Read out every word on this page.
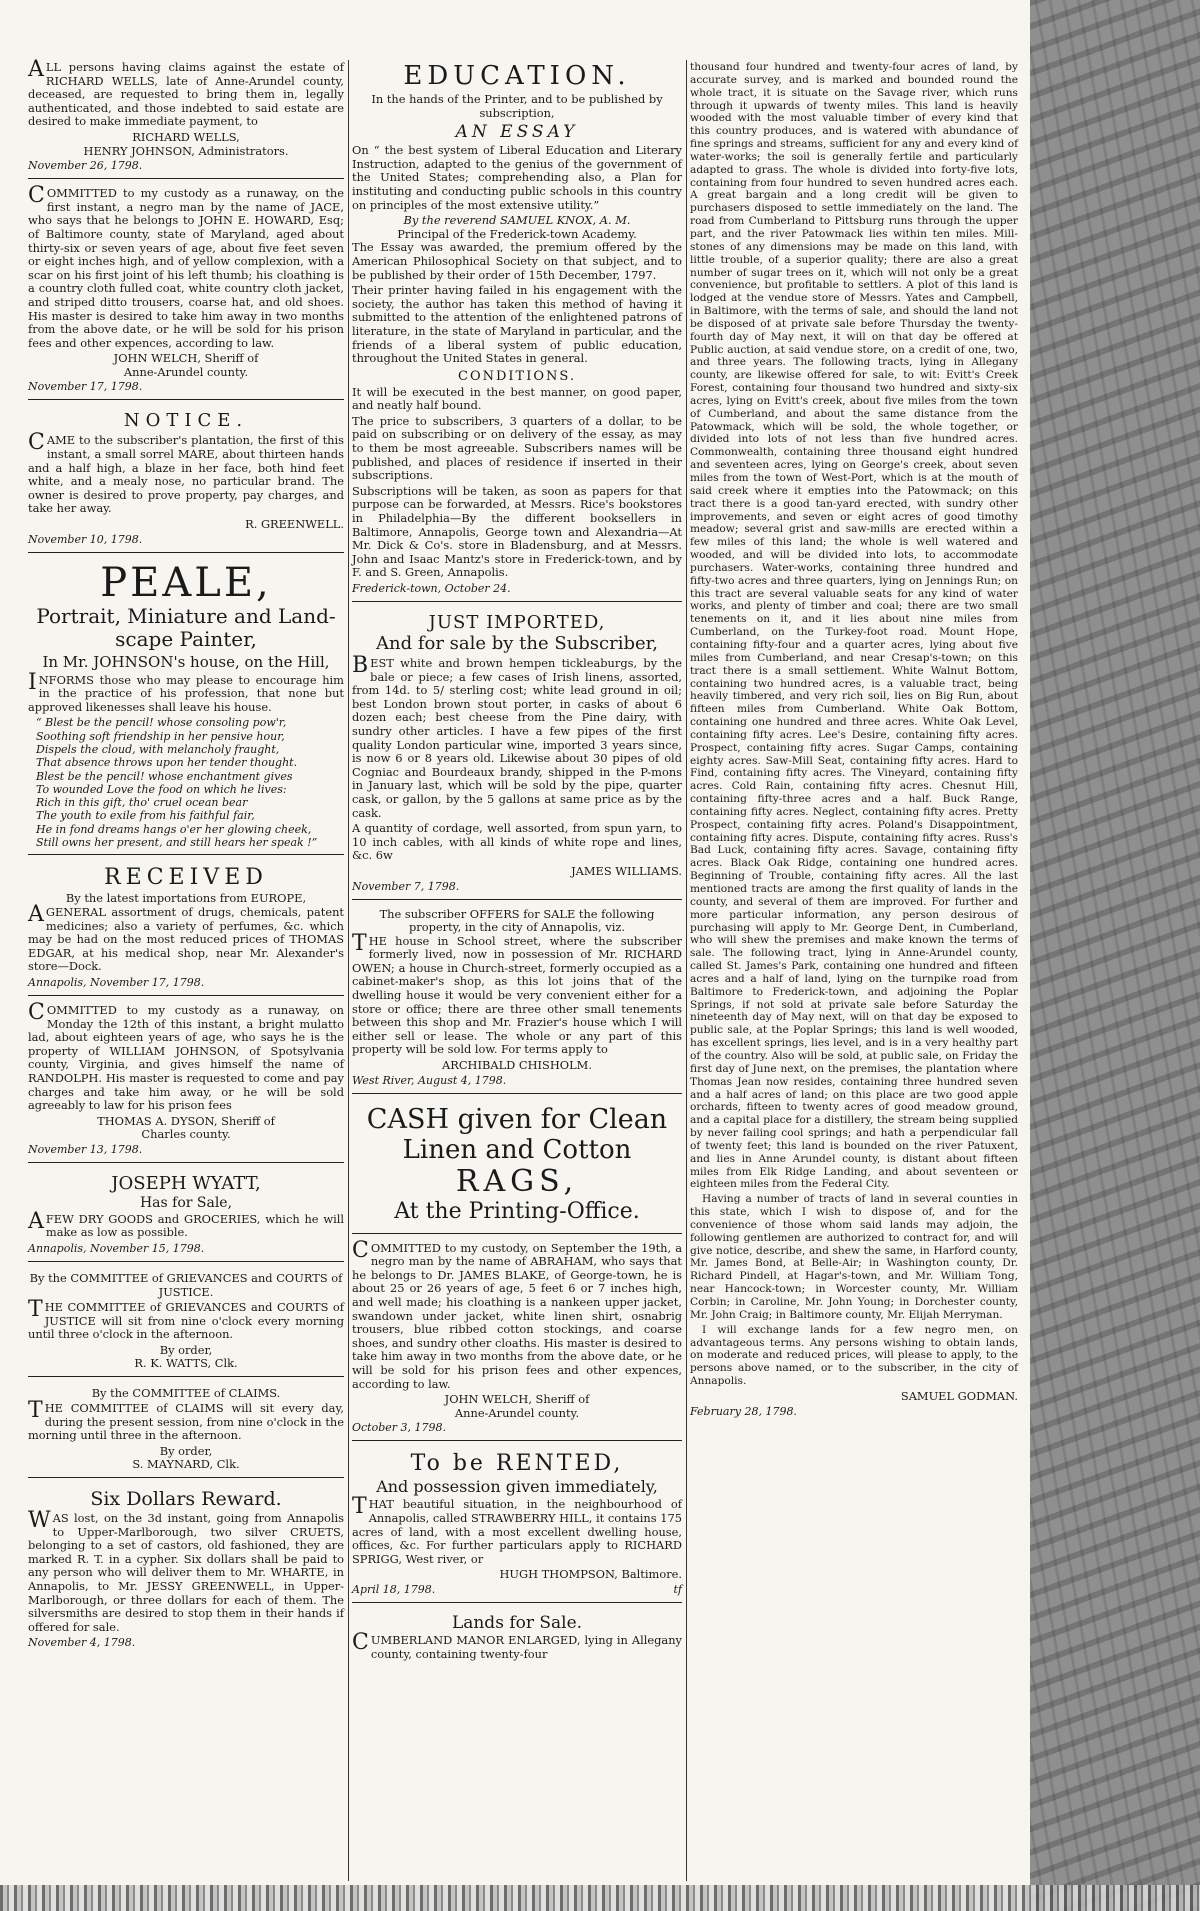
ALL persons having claims against the estate of RICHARD WELLS, late of Anne-Arundel county, deceased, are requested to bring them in, legally authenticated, and those indebted to said estate are desired to make immediate payment, to

RICHARD WELLS,

HENRY JOHNSON, Administrators.

November 26, 1798.

COMMITTED to my custody as a runaway, on the first instant, a negro man by the name of JACE, who says that he belongs to JOHN E. HOWARD, Esq; of Baltimore county, state of Maryland, aged about thirty-six or seven years of age, about five feet seven or eight inches high, and of yellow complexion, with a scar on his first joint of his left thumb; his cloathing is a country cloth fulled coat, white country cloth jacket, and striped ditto trousers, coarse hat, and old shoes. His master is desired to take him away in two months from the above date, or he will be sold for his prison fees and other expences, according to law.

JOHN WELCH, Sheriff of

Anne-Arundel county.

November 17, 1798.

NOTICE.

CAME to the subscriber's plantation, the first of this instant, a small sorrel MARE, about thirteen hands and a half high, a blaze in her face, both hind feet white, and a mealy nose, no particular brand. The owner is desired to prove property, pay charges, and take her away.

R. GREENWELL.

November 10, 1798.

PEALE,
Portrait, Miniature and Land-
scape Painter,
In Mr. JOHNSON's house, on the Hill,

INFORMS those who may please to encourage him in the practice of his profession, that none but approved likenesses shall leave his house.

“ Blest be the pencil! whose consoling pow'r,

Soothing soft friendship in her pensive hour,

Dispels the cloud, with melancholy fraught,

That absence throws upon her tender thought.

Blest be the pencil! whose enchantment gives

To wounded Love the food on which he lives:

Rich in this gift, tho' cruel ocean bear

The youth to exile from his faithful fair,

He in fond dreams hangs o'er her glowing cheek,

Still owns her present, and still hears her speak !”

RECEIVED
By the latest importations from EUROPE,

AGENERAL assortment of drugs, chemicals, patent medicines; also a variety of perfumes, &c. which may be had on the most reduced prices of THOMAS EDGAR, at his medical shop, near Mr. Alexander's store—Dock.

Annapolis, November 17, 1798.

COMMITTED to my custody as a runaway, on Monday the 12th of this instant, a bright mulatto lad, about eighteen years of age, who says he is the property of WILLIAM JOHNSON, of Spotsylvania county, Virginia, and gives himself the name of RANDOLPH. His master is requested to come and pay charges and take him away, or he will be sold agreeably to law for his prison fees

THOMAS A. DYSON, Sheriff of

Charles county.

November 13, 1798.

JOSEPH WYATT,
Has for Sale,

AFEW DRY GOODS and GROCERIES, which he will make as low as possible.

Annapolis, November 15, 1798.

By the COMMITTEE of GRIEVANCES and COURTS of JUSTICE.

THE COMMITTEE of GRIEVANCES and COURTS of JUSTICE will sit from nine o'clock every morning until three o'clock in the afternoon.

By order,

R. K. WATTS, Clk.

By the COMMITTEE of CLAIMS.

THE COMMITTEE of CLAIMS will sit every day, during the present session, from nine o'clock in the morning until three in the afternoon.

By order,

S. MAYNARD, Clk.

Six Dollars Reward.

WAS lost, on the 3d instant, going from Annapolis to Upper-Marlborough, two silver CRUETS, belonging to a set of castors, old fashioned, they are marked R. T. in a cypher. Six dollars shall be paid to any person who will deliver them to Mr. WHARTE, in Annapolis, to Mr. JESSY GREENWELL, in Upper-Marlborough, or three dollars for each of them. The silversmiths are desired to stop them in their hands if offered for sale.

November 4, 1798.

EDUCATION.
In the hands of the Printer, and to be published by subscription,
AN ESSAY

On “ the best system of Liberal Education and Literary Instruction, adapted to the genius of the government of the United States; comprehending also, a Plan for instituting and conducting public schools in this country on principles of the most extensive utility.”

By the reverend SAMUEL KNOX, A. M.

Principal of the Frederick-town Academy.

The Essay was awarded, the premium offered by the American Philosophical Society on that subject, and to be published by their order of 15th December, 1797.

Their printer having failed in his engagement with the society, the author has taken this method of having it submitted to the attention of the enlightened patrons of literature, in the state of Maryland in particular, and the friends of a liberal system of public education, throughout the United States in general.

CONDITIONS.

It will be executed in the best manner, on good paper, and neatly half bound.

The price to subscribers, 3 quarters of a dollar, to be paid on subscribing or on delivery of the essay, as may to them be most agreeable. Subscribers names will be published, and places of residence if inserted in their subscriptions.

Subscriptions will be taken, as soon as papers for that purpose can be forwarded, at Messrs. Rice's bookstores in Philadelphia—By the different booksellers in Baltimore, Annapolis, George town and Alexandria—At Mr. Dick & Co's. store in Bladensburg, and at Messrs. John and Isaac Mantz's store in Frederick-town, and by F. and S. Green, Annapolis.

Frederick-town, October 24.

JUST IMPORTED,
And for sale by the Subscriber,

BEST white and brown hempen tickleaburgs, by the bale or piece; a few cases of Irish linens, assorted, from 14d. to 5/ sterling cost; white lead ground in oil; best London brown stout porter, in casks of about 6 dozen each; best cheese from the Pine dairy, with sundry other articles. I have a few pipes of the first quality London particular wine, imported 3 years since, is now 6 or 8 years old. Likewise about 30 pipes of old Cogniac and Bourdeaux brandy, shipped in the P-mons in January last, which will be sold by the pipe, quarter cask, or gallon, by the 5 gallons at same price as by the cask.

A quantity of cordage, well assorted, from spun yarn, to 10 inch cables, with all kinds of white rope and lines, &c. 6w

JAMES WILLIAMS.

November 7, 1798.

The subscriber OFFERS for SALE the following property, in the city of Annapolis, viz.

THE house in School street, where the subscriber formerly lived, now in possession of Mr. RICHARD OWEN; a house in Church-street, formerly occupied as a cabinet-maker's shop, as this lot joins that of the dwelling house it would be very convenient either for a store or office; there are three other small tenements between this shop and Mr. Frazier's house which I will either sell or lease. The whole or any part of this property will be sold low. For terms apply to

ARCHIBALD CHISHOLM.

West River, August 4, 1798.

CASH given for Clean
Linen and Cotton
RAGS,
At the Printing-Office.

COMMITTED to my custody, on September the 19th, a negro man by the name of ABRAHAM, who says that he belongs to Dr. JAMES BLAKE, of George-town, he is about 25 or 26 years of age, 5 feet 6 or 7 inches high, and well made; his cloathing is a nankeen upper jacket, swandown under jacket, white linen shirt, osnabrig trousers, blue ribbed cotton stockings, and coarse shoes, and sundry other cloaths. His master is desired to take him away in two months from the above date, or he will be sold for his prison fees and other expences, according to law.

JOHN WELCH, Sheriff of

Anne-Arundel county.

October 3, 1798.

To be RENTED,
And possession given immediately,

THAT beautiful situation, in the neighbourhood of Annapolis, called STRAWBERRY HILL, it contains 175 acres of land, with a most excellent dwelling house, offices, &c. For further particulars apply to RICHARD SPRIGG, West river, or

HUGH THOMPSON, Baltimore.

April 18, 1798.	tf

Lands for Sale.

CUMBERLAND MANOR ENLARGED, lying in Allegany county, containing twenty-four

thousand four hundred and twenty-four acres of land, by accurate survey, and is marked and bounded round the whole tract, it is situate on the Savage river, which runs through it upwards of twenty miles. This land is heavily wooded with the most valuable timber of every kind that this country produces, and is watered with abundance of fine springs and streams, sufficient for any and every kind of water-works; the soil is generally fertile and particularly adapted to grass. The whole is divided into forty-five lots, containing from four hundred to seven hundred acres each. A great bargain and a long credit will be given to purchasers disposed to settle immediately on the land. The road from Cumberland to Pittsburg runs through the upper part, and the river Patowmack lies within ten miles. Mill-stones of any dimensions may be made on this land, with little trouble, of a superior quality; there are also a great number of sugar trees on it, which will not only be a great convenience, but profitable to settlers. A plot of this land is lodged at the vendue store of Messrs. Yates and Campbell, in Baltimore, with the terms of sale, and should the land not be disposed of at private sale before Thursday the twenty-fourth day of May next, it will on that day be offered at Public auction, at said vendue store, on a credit of one, two, and three years. The following tracts, lying in Allegany county, are likewise offered for sale, to wit: Evitt's Creek Forest, containing four thousand two hundred and sixty-six acres, lying on Evitt's creek, about five miles from the town of Cumberland, and about the same distance from the Patowmack, which will be sold, the whole together, or divided into lots of not less than five hundred acres. Commonwealth, containing three thousand eight hundred and seventeen acres, lying on George's creek, about seven miles from the town of West-Port, which is at the mouth of said creek where it empties into the Patowmack; on this tract there is a good tan-yard erected, with sundry other improvements, and seven or eight acres of good timothy meadow; several grist and saw-mills are erected within a few miles of this land; the whole is well watered and wooded, and will be divided into lots, to accommodate purchasers. Water-works, containing three hundred and fifty-two acres and three quarters, lying on Jennings Run; on this tract are several valuable seats for any kind of water works, and plenty of timber and coal; there are two small tenements on it, and it lies about nine miles from Cumberland, on the Turkey-foot road. Mount Hope, containing fifty-four and a quarter acres, lying about five miles from Cumberland, and near Cresap's-town; on this tract there is a small settlement. White Walnut Bottom, containing two hundred acres, is a valuable tract, being heavily timbered, and very rich soil, lies on Big Run, about fifteen miles from Cumberland. White Oak Bottom, containing one hundred and three acres. White Oak Level, containing fifty acres. Lee's Desire, containing fifty acres. Prospect, containing fifty acres. Sugar Camps, containing eighty acres. Saw-Mill Seat, containing fifty acres. Hard to Find, containing fifty acres. The Vineyard, containing fifty acres. Cold Rain, containing fifty acres. Chesnut Hill, containing fifty-three acres and a half. Buck Range, containing fifty acres. Neglect, containing fifty acres. Pretty Prospect, containing fifty acres. Poland's Disappointment, containing fifty acres. Dispute, containing fifty acres. Russ's Bad Luck, containing fifty acres. Savage, containing fifty acres. Black Oak Ridge, containing one hundred acres. Beginning of Trouble, containing fifty acres. All the last mentioned tracts are among the first quality of lands in the county, and several of them are improved. For further and more particular information, any person desirous of purchasing will apply to Mr. George Dent, in Cumberland, who will shew the premises and make known the terms of sale. The following tract, lying in Anne-Arundel county, called St. James's Park, containing one hundred and fifteen acres and a half of land, lying on the turnpike road from Baltimore to Frederick-town, and adjoining the Poplar Springs, if not sold at private sale before Saturday the nineteenth day of May next, will on that day be exposed to public sale, at the Poplar Springs; this land is well wooded, has excellent springs, lies level, and is in a very healthy part of the country. Also will be sold, at public sale, on Friday the first day of June next, on the premises, the plantation where Thomas Jean now resides, containing three hundred seven and a half acres of land; on this place are two good apple orchards, fifteen to twenty acres of good meadow ground, and a capital place for a distillery, the stream being supplied by never failing cool springs; and hath a perpendicular fall of twenty feet; this land is bounded on the river Patuxent, and lies in Anne Arundel county, is distant about fifteen miles from Elk Ridge Landing, and about seventeen or eighteen miles from the Federal City.

Having a number of tracts of land in several counties in this state, which I wish to dispose of, and for the convenience of those whom said lands may adjoin, the following gentlemen are authorized to contract for, and will give notice, describe, and shew the same, in Harford county, Mr. James Bond, at Belle-Air; in Washington county, Dr. Richard Pindell, at Hagar's-town, and Mr. William Tong, near Hancock-town; in Worcester county, Mr. William Corbin; in Caroline, Mr. John Young; in Dorchester county, Mr. John Craig; in Baltimore county, Mr. Elijah Merryman.

I will exchange lands for a few negro men, on advantageous terms. Any persons wishing to obtain lands, on moderate and reduced prices, will please to apply, to the persons above named, or to the subscriber, in the city of Annapolis.

SAMUEL GODMAN.

February 28, 1798.
